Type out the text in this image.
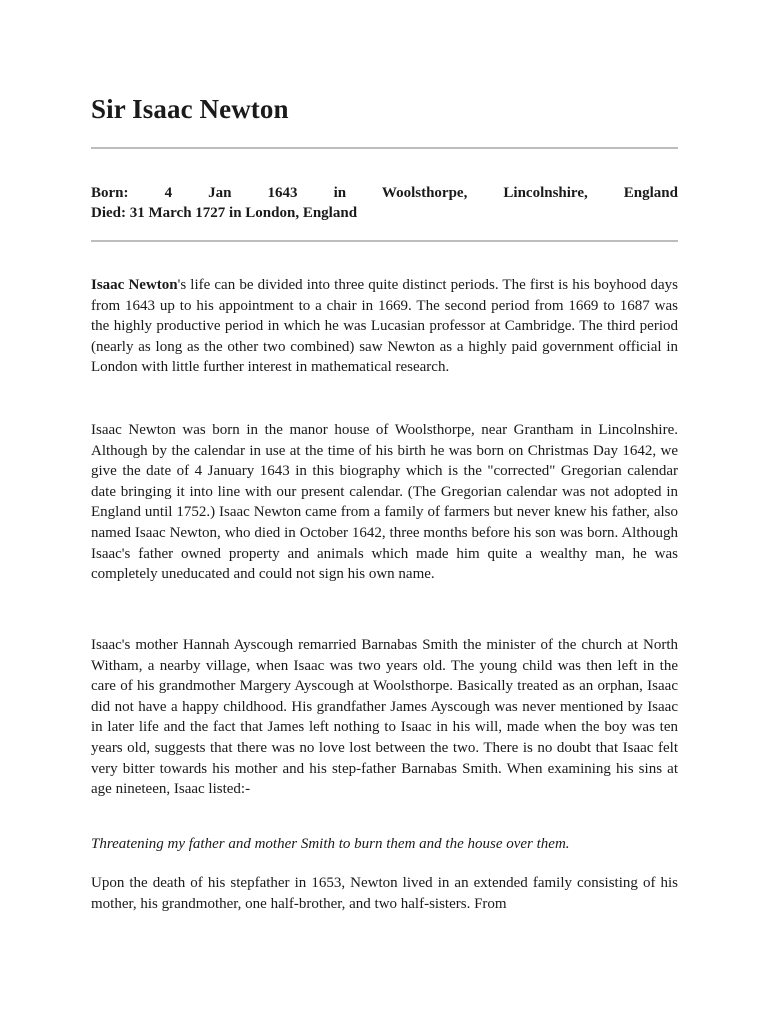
Sir Isaac Newton
Born: 4 Jan 1643 in Woolsthorpe, Lincolnshire, England
Died: 31 March 1727 in London, England

Isaac Newton's life can be divided into three quite distinct periods. The first is his boyhood days from 1643 up to his appointment to a chair in 1669. The second period from 1669 to 1687 was the highly productive period in which he was Lucasian professor at Cambridge. The third period (nearly as long as the other two combined) saw Newton as a highly paid government official in London with little further interest in mathematical research.

Isaac Newton was born in the manor house of Woolsthorpe, near Grantham in Lincolnshire. Although by the calendar in use at the time of his birth he was born on Christmas Day 1642, we give the date of 4 January 1643 in this biography which is the "corrected" Gregorian calendar date bringing it into line with our present calendar. (The Gregorian calendar was not adopted in England until 1752.) Isaac Newton came from a family of farmers but never knew his father, also named Isaac Newton, who died in October 1642, three months before his son was born. Although Isaac's father owned property and animals which made him quite a wealthy man, he was completely uneducated and could not sign his own name.

Isaac's mother Hannah Ayscough remarried Barnabas Smith the minister of the church at North Witham, a nearby village, when Isaac was two years old. The young child was then left in the care of his grandmother Margery Ayscough at Woolsthorpe. Basically treated as an orphan, Isaac did not have a happy childhood. His grandfather James Ayscough was never mentioned by Isaac in later life and the fact that James left nothing to Isaac in his will, made when the boy was ten years old, suggests that there was no love lost between the two. There is no doubt that Isaac felt very bitter towards his mother and his step-father Barnabas Smith. When examining his sins at age nineteen, Isaac listed:-

Threatening my father and mother Smith to burn them and the house over them.

Upon the death of his stepfather in 1653, Newton lived in an extended family consisting of his mother, his grandmother, one half-brother, and two half-sisters. From
